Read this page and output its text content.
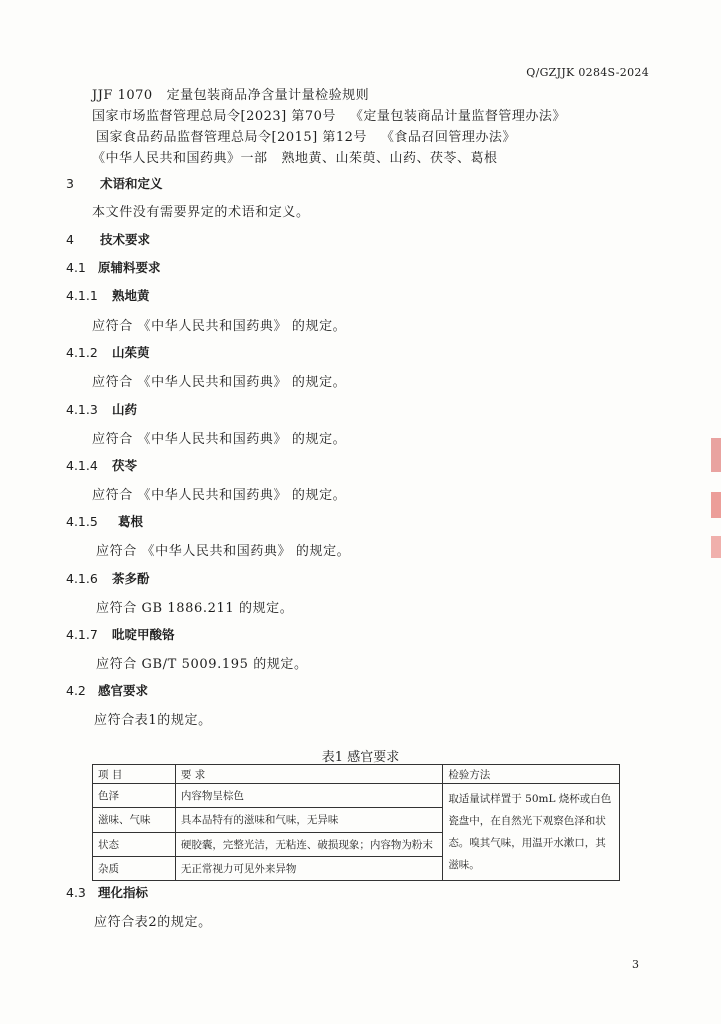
Q/GZJJK 0284S-2024
JJF 1070 定量包装商品净含量计量检验规则
国家市场监督管理总局令[2023] 第70号 《定量包装商品计量监督管理办法》
国家食品药品监督管理总局令[2015] 第12号 《食品召回管理办法》
《中华人民共和国药典》一部 熟地黄、山茱萸、山药、茯苓、葛根
3 术语和定义
本文件没有需要界定的术语和定义。
4 技术要求
4.1 原辅料要求
4.1.1 熟地黄
应符合 《中华人民共和国药典》 的规定。
4.1.2 山茱萸
应符合 《中华人民共和国药典》 的规定。
4.1.3 山药
应符合 《中华人民共和国药典》 的规定。
4.1.4 茯苓
应符合 《中华人民共和国药典》 的规定。
4.1.5 葛根
应符合 《中华人民共和国药典》 的规定。
4.1.6 茶多酚
应符合 GB 1886.211 的规定。
4.1.7 吡啶甲酸铬
应符合 GB/T 5009.195 的规定。
4.2 感官要求
应符合表1的规定。
表1 感官要求
项 目	要 求	检验方法
色泽	内容物呈棕色	取适量试样置于 50mL 烧杯或白色瓷盘中，在自然光下观察色泽和状态。嗅其气味，用温开水漱口，其滋味。
滋味、气味	具本品特有的滋味和气味，无异味	
状态	硬胶囊，完整光洁，无粘连、破损现象；内容物为粉末	
杂质	无正常视力可见外来异物	
4.3 理化指标
应符合表2的规定。
3
